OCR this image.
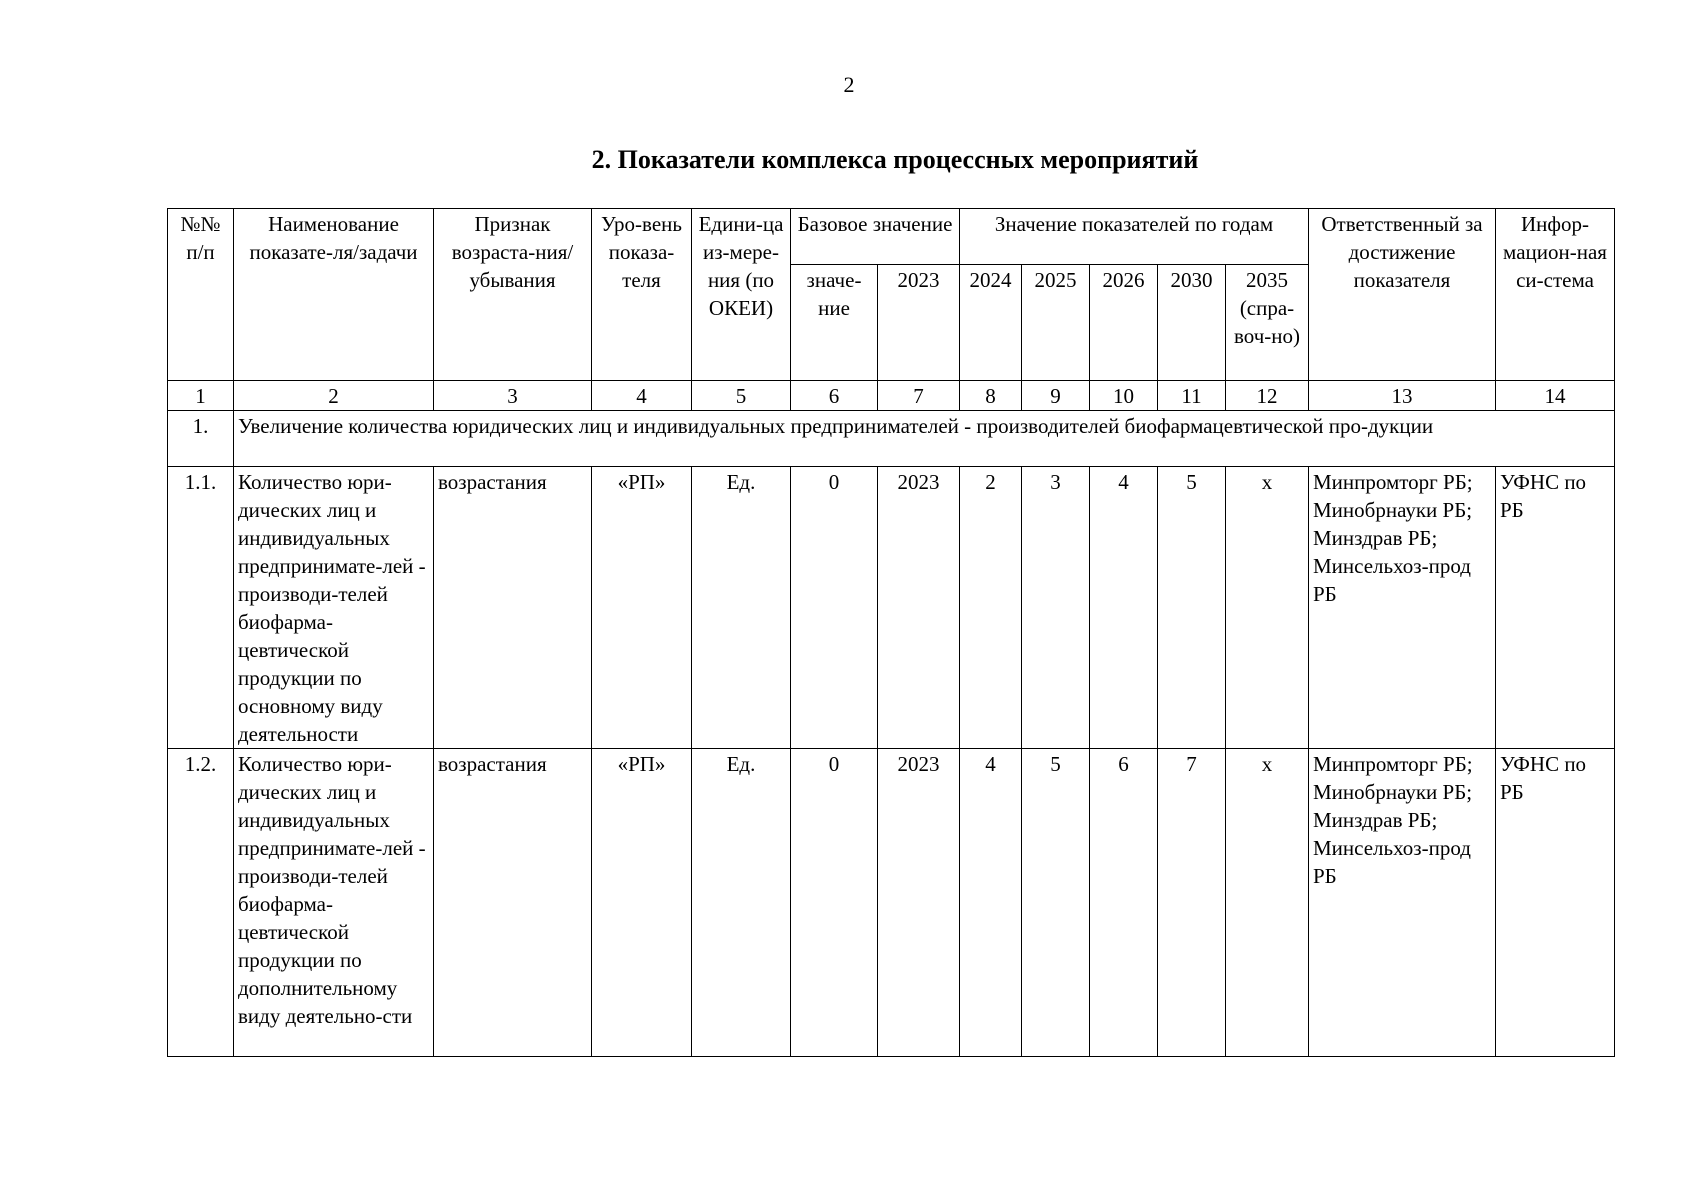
2
2. Показатели комплекса процессных мероприятий
№№ п/п	Наименование показате-ля/задачи	Признак возраста-ния/убывания	Уро-вень показа-теля	Едини-ца из-мере-ния (по ОКЕИ)	Базовое значение		Значение показателей по годам					Ответственный за достижение показателя	Инфор-мацион-ная си-стема
					значе-ние	2023	2024	2025	2026	2030	2035 (спра-воч-но)		
1	2	3	4	5	6	7	8	9	10	11	12	13	14
1.	Увеличение количества юридических лиц и индивидуальных предпринимателей - производителей биофармацевтической про-дукции												
1.1.	Количество юри-дических лиц и индивидуальных предпринимате-лей - производи-телей биофарма-цевтической продукции по основному виду деятельности	возрастания	«РП»	Ед.	0	2023	2	3	4	5	х	Минпромторг РБ; Минобрнауки РБ; Минздрав РБ; Минсельхоз-прод РБ	УФНС по РБ
1.2.	Количество юри-дических лиц и индивидуальных предпринимате-лей - производи-телей биофарма-цевтической продукции по дополнительному виду деятельно-сти	возрастания	«РП»	Ед.	0	2023	4	5	6	7	х	Минпромторг РБ; Минобрнауки РБ; Минздрав РБ; Минсельхоз-прод РБ	УФНС по РБ
